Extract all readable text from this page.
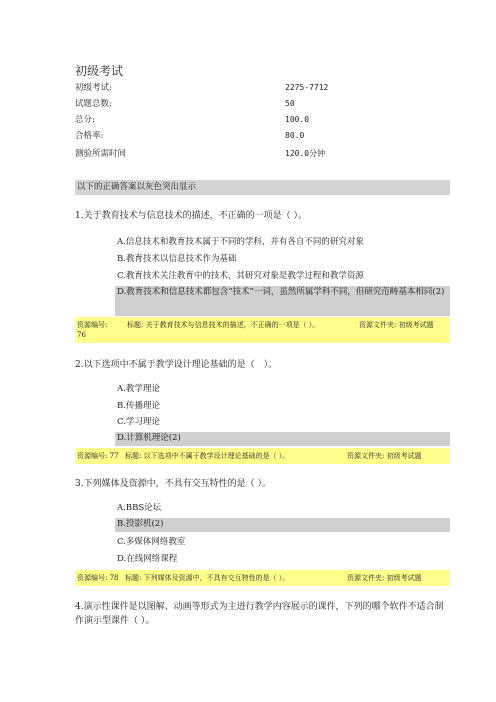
初级考试
初级考试:	2275-7712
试题总数:	50
总分:	100.0
合格率:	80.0
测验所需时间	120.0分钟
以下的正确答案以灰色突出显示
1.关于教育技术与信息技术的描述，不正确的一项是（ ）。
A.信息技术和教育技术属于不同的学科，并有各自不同的研究对象
B.教育技术以信息技术作为基础
C.教育技术关注教育中的技术，其研究对象是教学过程和教学资源
D.教育技术和信息技术都包含“技术”一词，虽然所属学科不同，但研究范畴基本相同(2)
资源编号: 76
标题: 关于教育技术与信息技术的描述，不正确的一项是（ ）。	资源文件夹: 初级考试题
2.以下选项中不属于教学设计理论基础的是（　）。
A.教学理论
B.传播理论
C.学习理论
D.计算机理论(2)
资源编号: 77 标题: 以下选项中不属于教学设计理论基础的是（ ）。	资源文件夹: 初级考试题
3.下列媒体及资源中，不具有交互特性的是（ ）。
A.BBS论坛
B.投影机(2)
C.多媒体网络教室
D.在线网络课程
资源编号: 78 标题: 下列媒体及资源中，不具有交互特性的是（ ）。	资源文件夹: 初级考试题
4.演示性课件是以图解、动画等形式为主进行教学内容展示的课件，下列的哪个软件不适合制作演示型课件（ ）。
